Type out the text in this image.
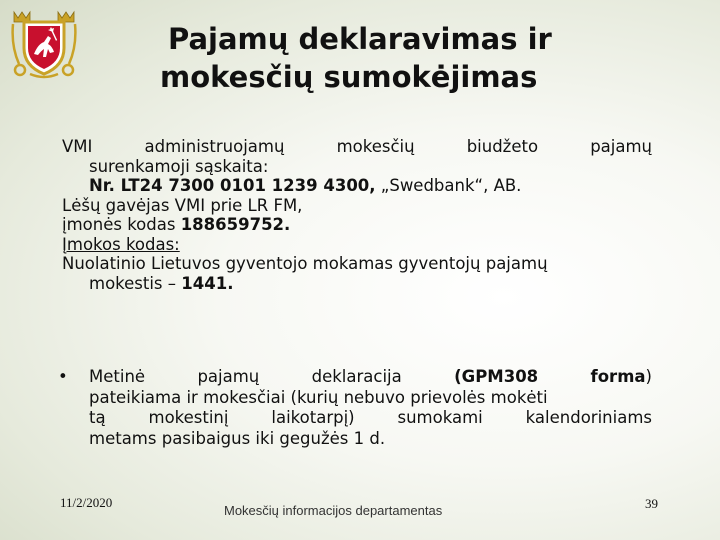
Pajamų deklaravimas ir
mokesčių sumokėjimas
VMI	administruojamų	mokesčių	biudžeto	pajamų
surenkamoji sąskaita:
Nr. LT24 7300 0101 1239 4300, „Swedbank“, AB.
Lėšų gavėjas VMI prie LR FM,
įmonės kodas 188659752.
Įmokos kodas:
Nuolatinio Lietuvos gyventojo mokamas gyventojų pajamų
mokestis – 1441.
• Metinė	pajamų	deklaracija	(GPM308	forma)
pateikiama ir mokesčiai (kurių nebuvo prievolės mokėti
tą	mokestinį	laikotarpį)	sumokami	kalendoriniams
metams pasibaigus iki gegužės 1 d.
11/2/2020
Mokesčių informacijos departamentas	39
